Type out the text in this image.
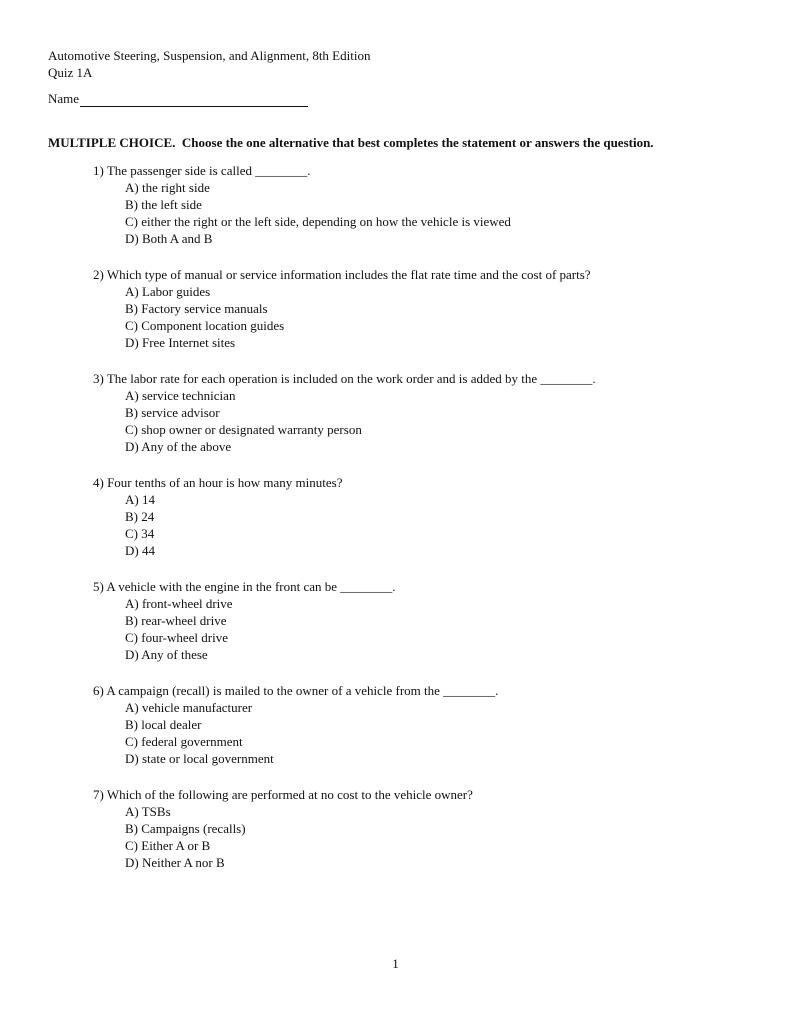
Automotive Steering, Suspension, and Alignment, 8th Edition
Quiz 1A
Name
MULTIPLE CHOICE. Choose the one alternative that best completes the statement or answers the question.
1) The passenger side is called ________.
A) the right side
B) the left side
C) either the right or the left side, depending on how the vehicle is viewed
D) Both A and B
2) Which type of manual or service information includes the flat rate time and the cost of parts?
A) Labor guides
B) Factory service manuals
C) Component location guides
D) Free Internet sites
3) The labor rate for each operation is included on the work order and is added by the ________.
A) service technician
B) service advisor
C) shop owner or designated warranty person
D) Any of the above
4) Four tenths of an hour is how many minutes?
A) 14
B) 24
C) 34
D) 44
5) A vehicle with the engine in the front can be ________.
A) front-wheel drive
B) rear-wheel drive
C) four-wheel drive
D) Any of these
6) A campaign (recall) is mailed to the owner of a vehicle from the ________.
A) vehicle manufacturer
B) local dealer
C) federal government
D) state or local government
7) Which of the following are performed at no cost to the vehicle owner?
A) TSBs
B) Campaigns (recalls)
C) Either A or B
D) Neither A nor B
1
